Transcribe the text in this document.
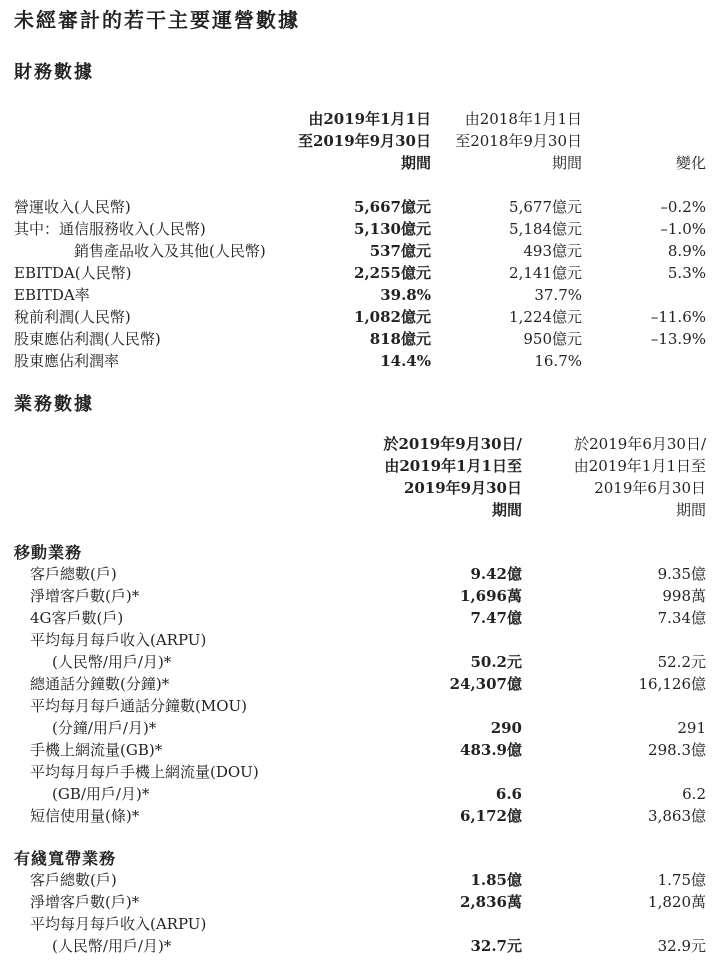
未經審計的若干主要運營數據
財務數據
由2019年1月1日
至2019年9月30日
期間
由2018年1月1日
至2018年9月30日
期間	變化
營運收入(人民幣)	5,667億元	5,677億元	–0.2%
其中：通信服務收入(人民幣)	5,130億元	5,184億元	–1.0%
銷售產品收入及其他(人民幣)	537億元	493億元	8.9%
EBITDA(人民幣)	2,255億元	2,141億元	5.3%
EBITDA率	39.8%	37.7%
稅前利潤(人民幣)	1,082億元	1,224億元	–11.6%
股東應佔利潤(人民幣)	818億元	950億元	–13.9%
股東應佔利潤率	14.4%	16.7%
業務數據
於2019年9月30日/
由2019年1月1日至
2019年9月30日
期間
於2019年6月30日/
由2019年1月1日至
2019年6月30日
期間
移動業務
客戶總數(戶)	9.42億	9.35億
淨增客戶數(戶)*	1,696萬	998萬
4G客戶數(戶)	7.47億	7.34億
平均每月每戶收入(ARPU)
(人民幣/用戶/月)*	50.2元	52.2元
總通話分鐘數(分鐘)*	24,307億	16,126億
平均每月每戶通話分鐘數(MOU)
(分鐘/用戶/月)*	290	291
手機上網流量(GB)*	483.9億	298.3億
平均每月每戶手機上網流量(DOU)
(GB/用戶/月)*	6.6	6.2
短信使用量(條)*	6,172億	3,863億
有綫寬帶業務
客戶總數(戶)	1.85億	1.75億
淨增客戶數(戶)*	2,836萬	1,820萬
平均每月每戶收入(ARPU)
(人民幣/用戶/月)*	32.7元	32.9元
